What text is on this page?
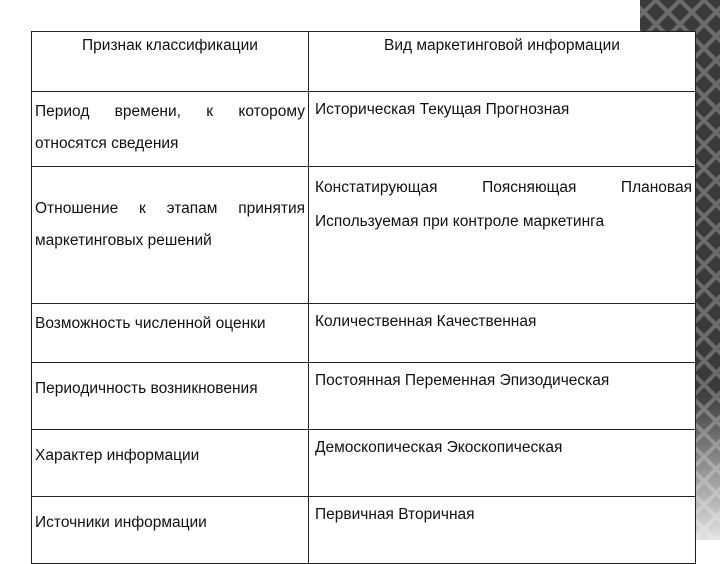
Признак классификации	Вид маркетинговой информации
Период времени, к которому относятся сведения	Историческая Текущая Прогнозная
Отношение к этапам принятия маркетинговых решений	Констатирующая Поясняющая Плановая Используемая при контроле маркетинга
Возможность численной оценки	Количественная Качественная
Периодичность возникновения	Постоянная Переменная Эпизодическая
Характер информации	Демоскопическая Экоскопическая
Источники информации	Первичная Вторичная
